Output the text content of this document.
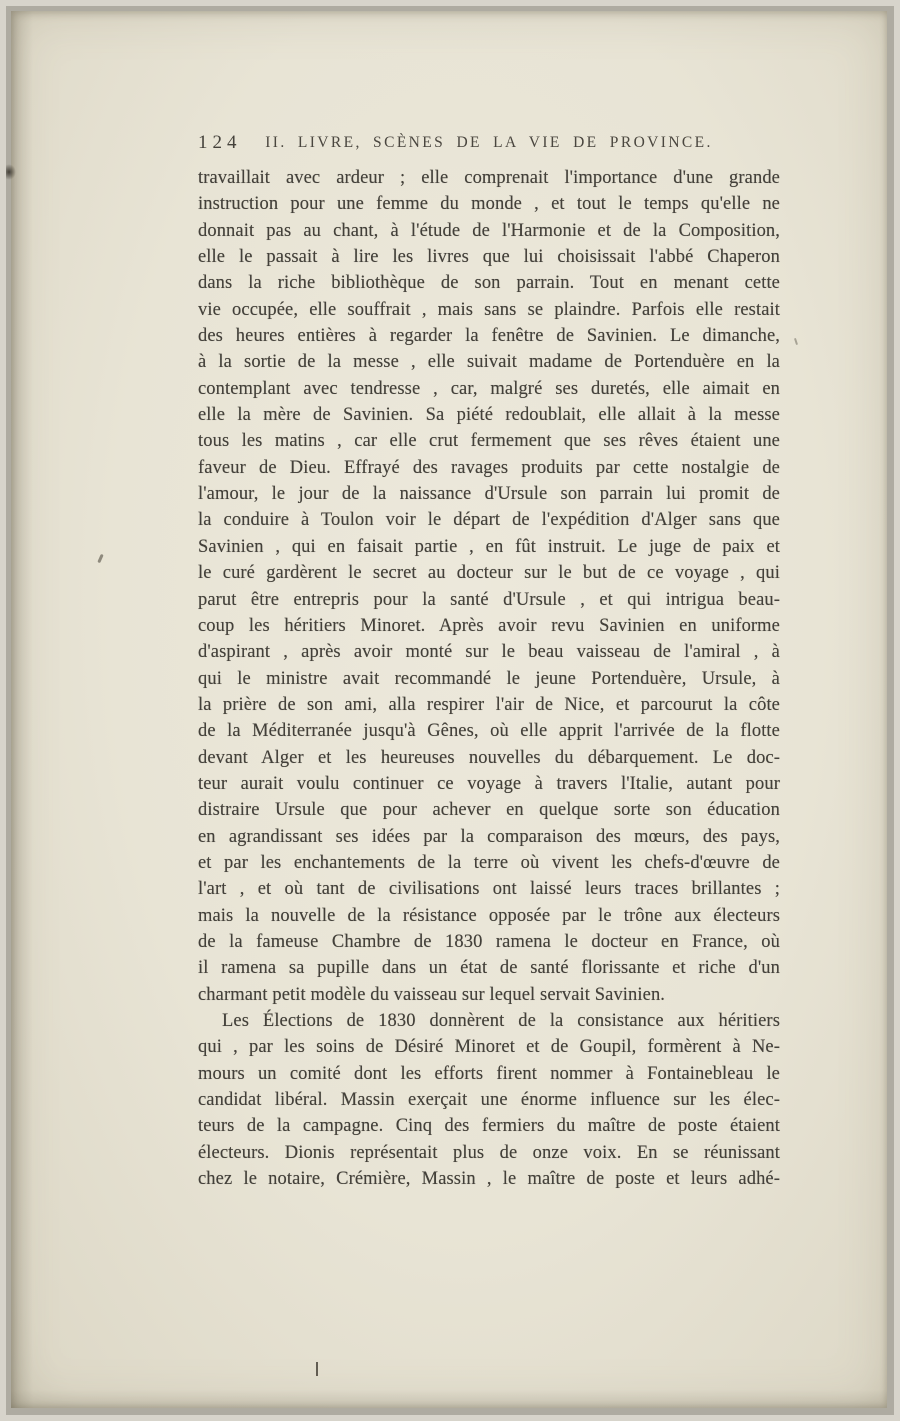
124	II. LIVRE, SCÈNES DE LA VIE DE PROVINCE.
travaillait avec ardeur ; elle comprenait l'importance d'une grande
instruction pour une femme du monde , et tout le temps qu'elle ne
donnait pas au chant, à l'étude de l'Harmonie et de la Composition,
elle le passait à lire les livres que lui choisissait l'abbé Chaperon
dans la riche bibliothèque de son parrain. Tout en menant cette
vie occupée, elle souffrait , mais sans se plaindre. Parfois elle restait
des heures entières à regarder la fenêtre de Savinien. Le dimanche,
à la sortie de la messe , elle suivait madame de Portenduère en la
contemplant avec tendresse , car, malgré ses duretés, elle aimait en
elle la mère de Savinien. Sa piété redoublait, elle allait à la messe
tous les matins , car elle crut fermement que ses rêves étaient une
faveur de Dieu. Effrayé des ravages produits par cette nostalgie de
l'amour, le jour de la naissance d'Ursule son parrain lui promit de
la conduire à Toulon voir le départ de l'expédition d'Alger sans que
Savinien , qui en faisait partie , en fût instruit. Le juge de paix et
le curé gardèrent le secret au docteur sur le but de ce voyage , qui
parut être entrepris pour la santé d'Ursule , et qui intrigua beau-
coup les héritiers Minoret. Après avoir revu Savinien en uniforme
d'aspirant , après avoir monté sur le beau vaisseau de l'amiral , à
qui le ministre avait recommandé le jeune Portenduère, Ursule, à
la prière de son ami, alla respirer l'air de Nice, et parcourut la côte
de la Méditerranée jusqu'à Gênes, où elle apprit l'arrivée de la flotte
devant Alger et les heureuses nouvelles du débarquement. Le doc-
teur aurait voulu continuer ce voyage à travers l'Italie, autant pour
distraire Ursule que pour achever en quelque sorte son éducation
en agrandissant ses idées par la comparaison des mœurs, des pays,
et par les enchantements de la terre où vivent les chefs-d'œuvre de
l'art , et où tant de civilisations ont laissé leurs traces brillantes ;
mais la nouvelle de la résistance opposée par le trône aux électeurs
de la fameuse Chambre de 1830 ramena le docteur en France, où
il ramena sa pupille dans un état de santé florissante et riche d'un
charmant petit modèle du vaisseau sur lequel servait Savinien.
Les Élections de 1830 donnèrent de la consistance aux héritiers
qui , par les soins de Désiré Minoret et de Goupil, formèrent à Ne-
mours un comité dont les efforts firent nommer à Fontainebleau le
candidat libéral. Massin exerçait une énorme influence sur les élec-
teurs de la campagne. Cinq des fermiers du maître de poste étaient
électeurs. Dionis représentait plus de onze voix. En se réunissant
chez le notaire, Crémière, Massin , le maître de poste et leurs adhé-
